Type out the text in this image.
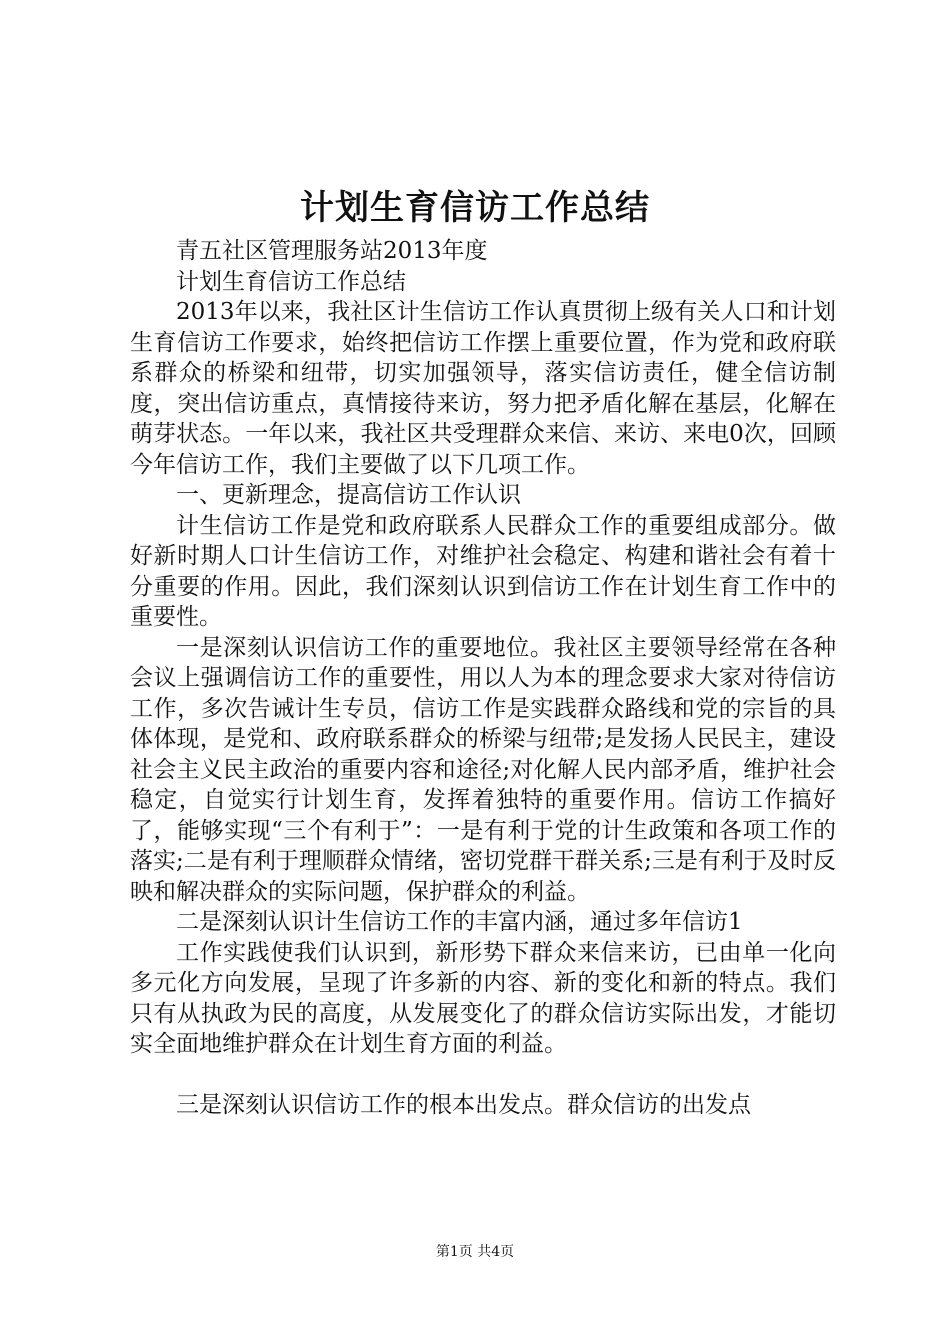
计划生育信访工作总结

青五社区管理服务站2013年度

计划生育信访工作总结

2013年以来，我社区计生信访工作认真贯彻上级有关人口和计划生育信访工作要求，始终把信访工作摆上重要位置，作为党和政府联系群众的桥梁和纽带，切实加强领导，落实信访责任，健全信访制度，突出信访重点，真情接待来访，努力把矛盾化解在基层，化解在萌芽状态。一年以来，我社区共受理群众来信、来访、来电0次，回顾今年信访工作，我们主要做了以下几项工作。

一、更新理念，提高信访工作认识

计生信访工作是党和政府联系人民群众工作的重要组成部分。做好新时期人口计生信访工作，对维护社会稳定、构建和谐社会有着十分重要的作用。因此，我们深刻认识到信访工作在计划生育工作中的重要性。

一是深刻认识信访工作的重要地位。我社区主要领导经常在各种会议上强调信访工作的重要性，用以人为本的理念要求大家对待信访工作，多次告诫计生专员，信访工作是实践群众路线和党的宗旨的具体体现，是党和、政府联系群众的桥梁与纽带;是发扬人民民主，建设社会主义民主政治的重要内容和途径;对化解人民内部矛盾，维护社会稳定，自觉实行计划生育，发挥着独特的重要作用。信访工作搞好了，能够实现“三个有利于”：一是有利于党的计生政策和各项工作的落实;二是有利于理顺群众情绪，密切党群干群关系;三是有利于及时反映和解决群众的实际问题，保护群众的利益。

二是深刻认识计生信访工作的丰富内涵，通过多年信访1

工作实践使我们认识到，新形势下群众来信来访，已由单一化向多元化方向发展，呈现了许多新的内容、新的变化和新的特点。我们只有从执政为民的高度，从发展变化了的群众信访实际出发，才能切实全面地维护群众在计划生育方面的利益。

三是深刻认识信访工作的根本出发点。群众信访的出发点

第1页 共4页
